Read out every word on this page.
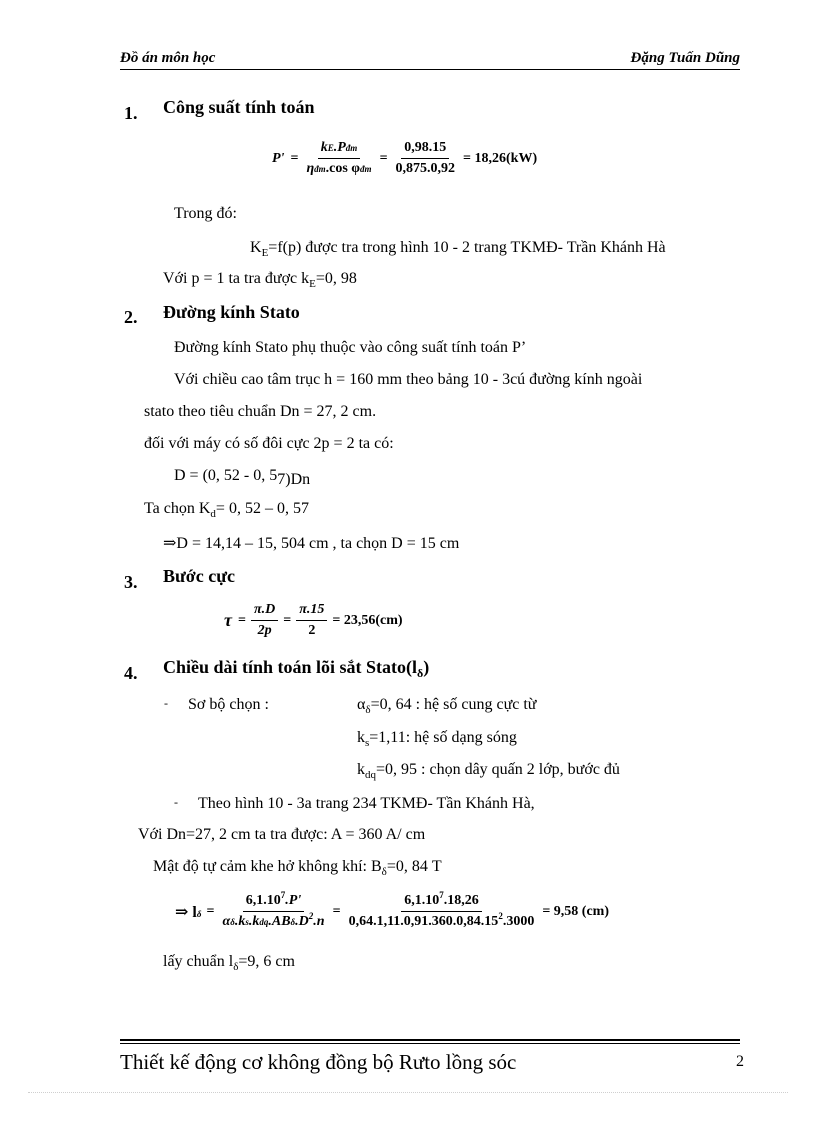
Đồ án môn học	Đặng Tuấn Dũng
1. Công suất tính toán
$P' = \frac{\text{kE.Pđm}}{\text{ηđm.cos φđm}} = \frac{0,98.15}{0,875.0,92} = 18,26(kW)$
Trong đó:
$K_E=f(p)$ được tra trong hình 10 - 2 trang TKMĐ- Trần Khánh Hà
Với p = 1 ta tra được $k_E=0$, 98
2. Đường kính Stato
Đường kính Stato phụ thuộc vào công suất tính toán P’
Với chiều cao tâm trục h = 160 mm theo bảng 10 - 3cú đường kính ngoài
stato theo tiêu chuẩn Dn = 27, 2 cm.
đối với máy có số đôi cực 2p = 2 ta có:
D = (0, 52 - 0, 57)Dn
Ta chọn $K_d= 0$, 52 – 0, 57
⇒D = 14,14 – 15, 504 cm , ta chọn D = 15 cm
3. Bước cực
$\tau = \frac{\pi.D}{2p} = \frac{\pi.15}{2} = 23,56(cm)$
4. Chiều dài tính toán lõi sắt $Stato(l_\delta)$
- Sơ bộ chọn :	$\alpha_\delta=0$, 64 : hệ số cung cực từ
$k_s=1,11$: hệ số dạng sóng
$k_{dq}=0$, 95 : chọn dây quấn 2 lớp, bước đủ
- Theo hình 10 - 3a trang 234 TKMĐ- Tần Khánh Hà,
Với Dn=27, 2 cm ta tra được: A = 360 A/ cm
Mật độ tự cảm khe hở không khí: $B_\delta=0$, 84 T
⇒ $l\delta = \frac{6,1.10^7.P'}{\alpha\delta.ks.kdq.AB\delta.D^2.n} = \frac{6,1.10^7.18,26}{0,64.1,11.0,91.360.0,84.15^2.3000} = 9,58$ (cm)
lấy chuẩn $l_\delta=9$, 6 cm
Thiết kế động cơ không đồng bộ Rưto lồng sóc	2
